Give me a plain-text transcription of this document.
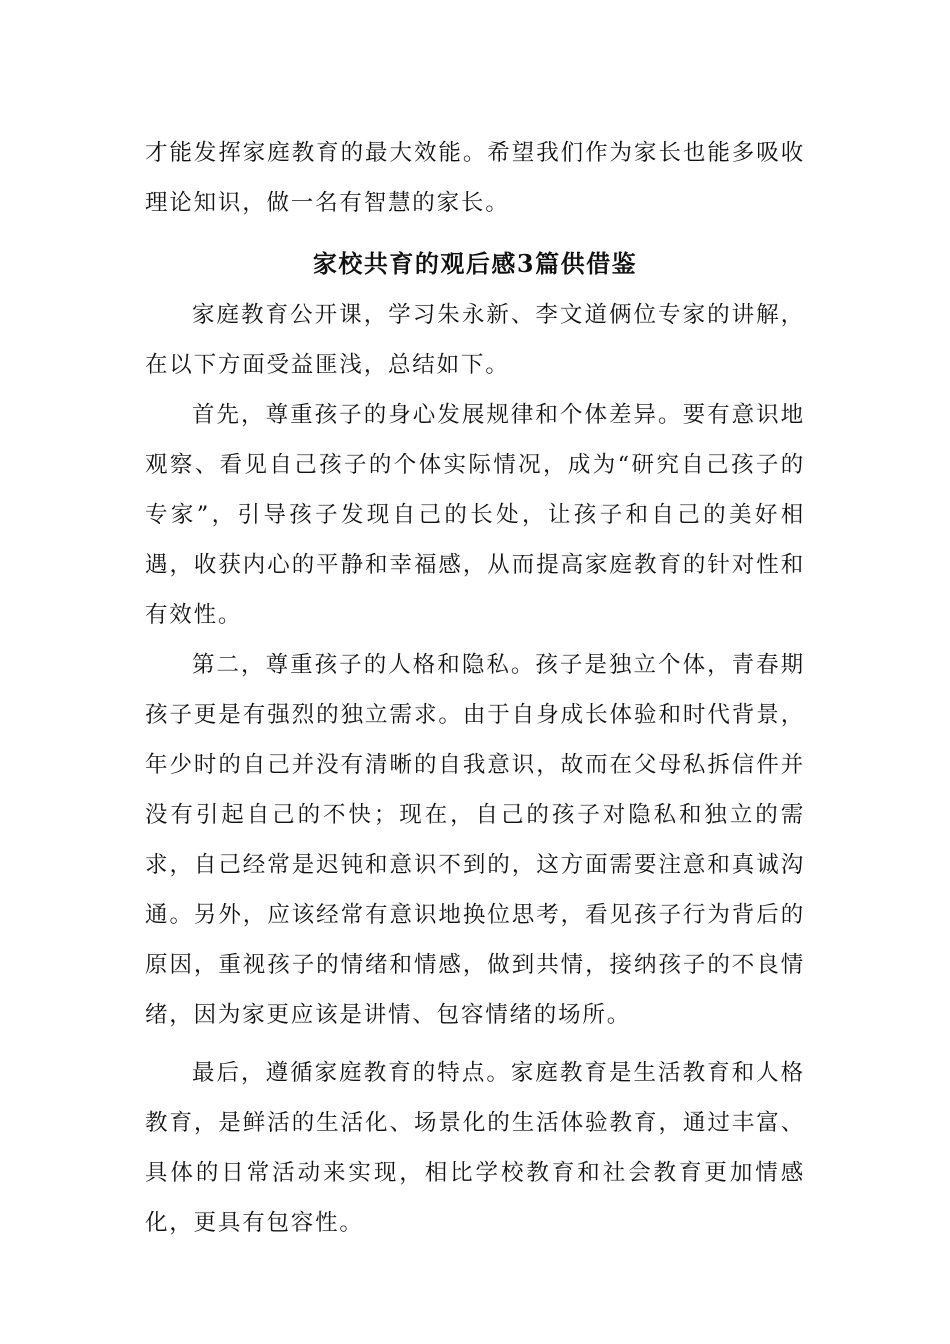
才能发挥家庭教育的最大效能。希望我们作为家长也能多吸收理论知识，做一名有智慧的家长。

家校共育的观后感3篇供借鉴

家庭教育公开课，学习朱永新、李文道俩位专家的讲解，在以下方面受益匪浅，总结如下。

首先，尊重孩子的身心发展规律和个体差异。要有意识地观察、看见自己孩子的个体实际情况，成为“研究自己孩子的专家”，引导孩子发现自己的长处，让孩子和自己的美好相遇，收获内心的平静和幸福感，从而提高家庭教育的针对性和有效性。

第二，尊重孩子的人格和隐私。孩子是独立个体，青春期孩子更是有强烈的独立需求。由于自身成长体验和时代背景，年少时的自己并没有清晰的自我意识，故而在父母私拆信件并没有引起自己的不快；现在，自己的孩子对隐私和独立的需求，自己经常是迟钝和意识不到的，这方面需要注意和真诚沟通。另外，应该经常有意识地换位思考，看见孩子行为背后的原因，重视孩子的情绪和情感，做到共情，接纳孩子的不良情绪，因为家更应该是讲情、包容情绪的场所。

最后，遵循家庭教育的特点。家庭教育是生活教育和人格教育，是鲜活的生活化、场景化的生活体验教育，通过丰富、具体的日常活动来实现，相比学校教育和社会教育更加情感化，更具有包容性。
